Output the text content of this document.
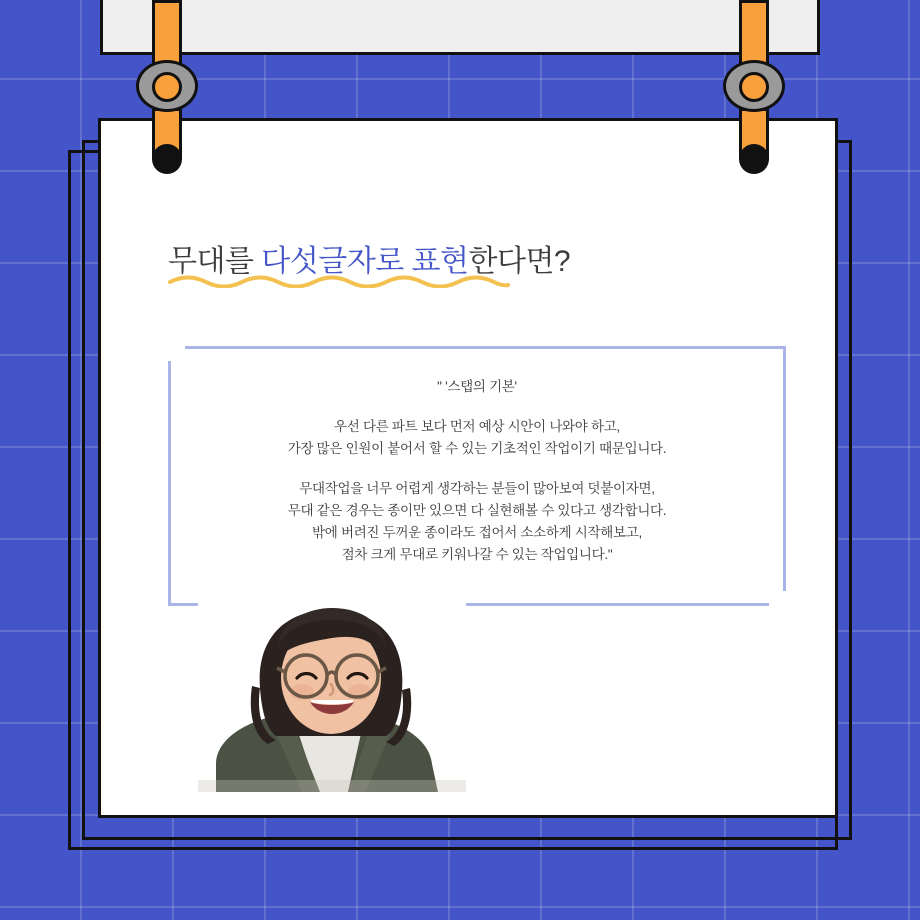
무대를 다섯글자로 표현한다면?
" '스탭의 기본'
우선 다른 파트 보다 먼저 예상 시안이 나와야 하고,
가장 많은 인원이 붙어서 할 수 있는 기초적인 작업이기 때문입니다.
무대작업을 너무 어렵게 생각하는 분들이 많아보여 덧붙이자면,
무대 같은 경우는 종이만 있으면 다 실현해볼 수 있다고 생각합니다.
밖에 버려진 두꺼운 종이라도 접어서 소소하게 시작해보고,
점차 크게 무대로 키워나갈 수 있는 작업입니다."
